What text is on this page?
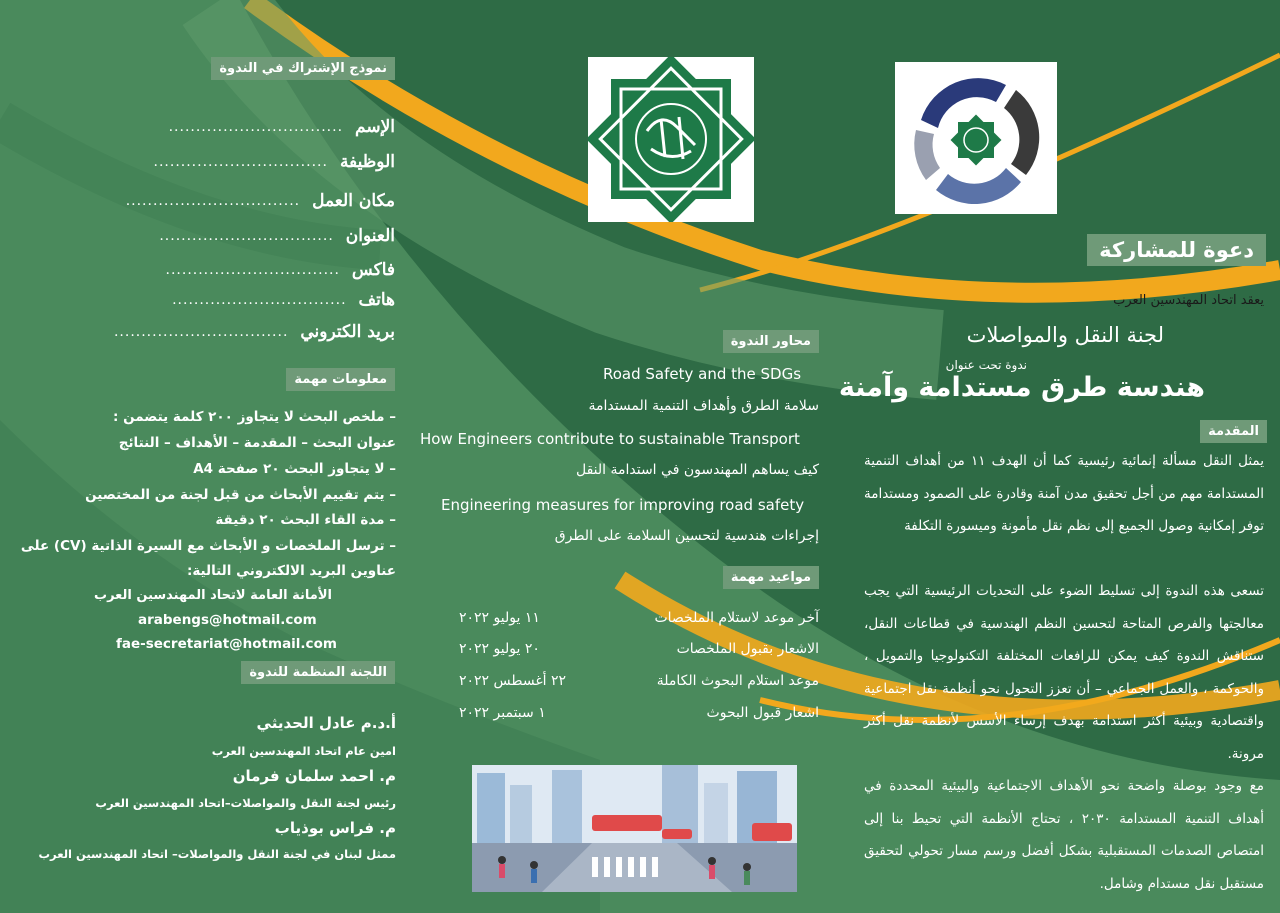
نموذج الإشتراك في الندوة
الإسم
................................
الوظيفة
................................
مكان العمل
................................
العنوان
................................
فاكس
................................
هاتف
................................
بريد الكتروني
................................
معلومات مهمة
– ملخص البحث لا يتجاوز ٢٠٠ كلمة يتضمن :
عنوان البحث – المقدمة – الأهداف – النتائج
– لا يتجاوز البحث ٢٠ صفحة A4
– يتم تقييم الأبحاث من قبل لجنة من المختصين
– مدة القاء البحث ٢٠ دقيقة
– ترسل الملخصات و الأبحاث مع السيرة الذاتية (CV) على
عناوين البريد الالكتروني التالية:
الأمانة العامة لاتحاد المهندسين العرب
arabengs@hotmail.com
fae-secretariat@hotmail.com
اللجنة المنظمة للندوة
أ.د.م عادل الحديثي
امين عام اتحاد المهندسين العرب
م. احمد سلمان فرمان
رئيس لجنة النقل والمواصلات–اتحاد المهندسين العرب
م. فراس بوذياب
ممثل لبنان في لجنة النقل والمواصلات– اتحاد المهندسين العرب
محاور الندوة
Road Safety and the SDGs
سلامة الطرق وأهداف التنمية المستدامة
How Engineers contribute to sustainable Transport
كيف يساهم المهندسون في استدامة النقل
Engineering measures for improving road safety
إجراءات هندسية لتحسين السلامة على الطرق
مواعيد مهمة
آخر موعد لاستلام الملخصات
١١ يوليو ٢٠٢٢
الاشعار بقبول الملخصات
٢٠ يوليو ٢٠٢٢
موعد استلام البحوث الكاملة
٢٢ أغسطس ٢٠٢٢
اشعار قبول البحوث
١ سبتمبر ٢٠٢٢
دعوة للمشاركة
يعقد اتحاد المهندسين العرب
لجنة النقل والمواصلات
ندوة تحت عنوان
هندسة طرق مستدامة وآمنة
المقدمة
يمثل النقل مسألة إنمائية رئيسية كما أن الهدف ١١ من أهداف التنمية المستدامة مهم من أجل تحقيق مدن آمنة وقادرة على الصمود ومستدامة توفر إمكانية وصول الجميع إلى نظم نقل مأمونة وميسورة التكلفة
تسعى هذه الندوة إلى تسليط الضوء على التحديات الرئيسية التي يجب معالجتها والفرص المتاحة لتحسين النظم الهندسية في قطاعات النقل، ستناقش الندوة كيف يمكن للرافعات المختلفة التكنولوجيا والتمويل ، والحوكمة ، والعمل الجماعي – أن تعزز التحول نحو أنظمة نقل اجتماعية واقتصادية وبيئية أكثر استدامة بهدف إرساء الأسس لأنظمة نقل أكثر مرونة.
مع وجود بوصلة واضحة نحو الأهداف الاجتماعية والبيئية المحددة في أهداف التنمية المستدامة ٢٠٣٠ ، تحتاج الأنظمة التي تحيط بنا إلى امتصاص الصدمات المستقبلية بشكل أفضل ورسم مسار تحولي لتحقيق مستقبل نقل مستدام وشامل.
